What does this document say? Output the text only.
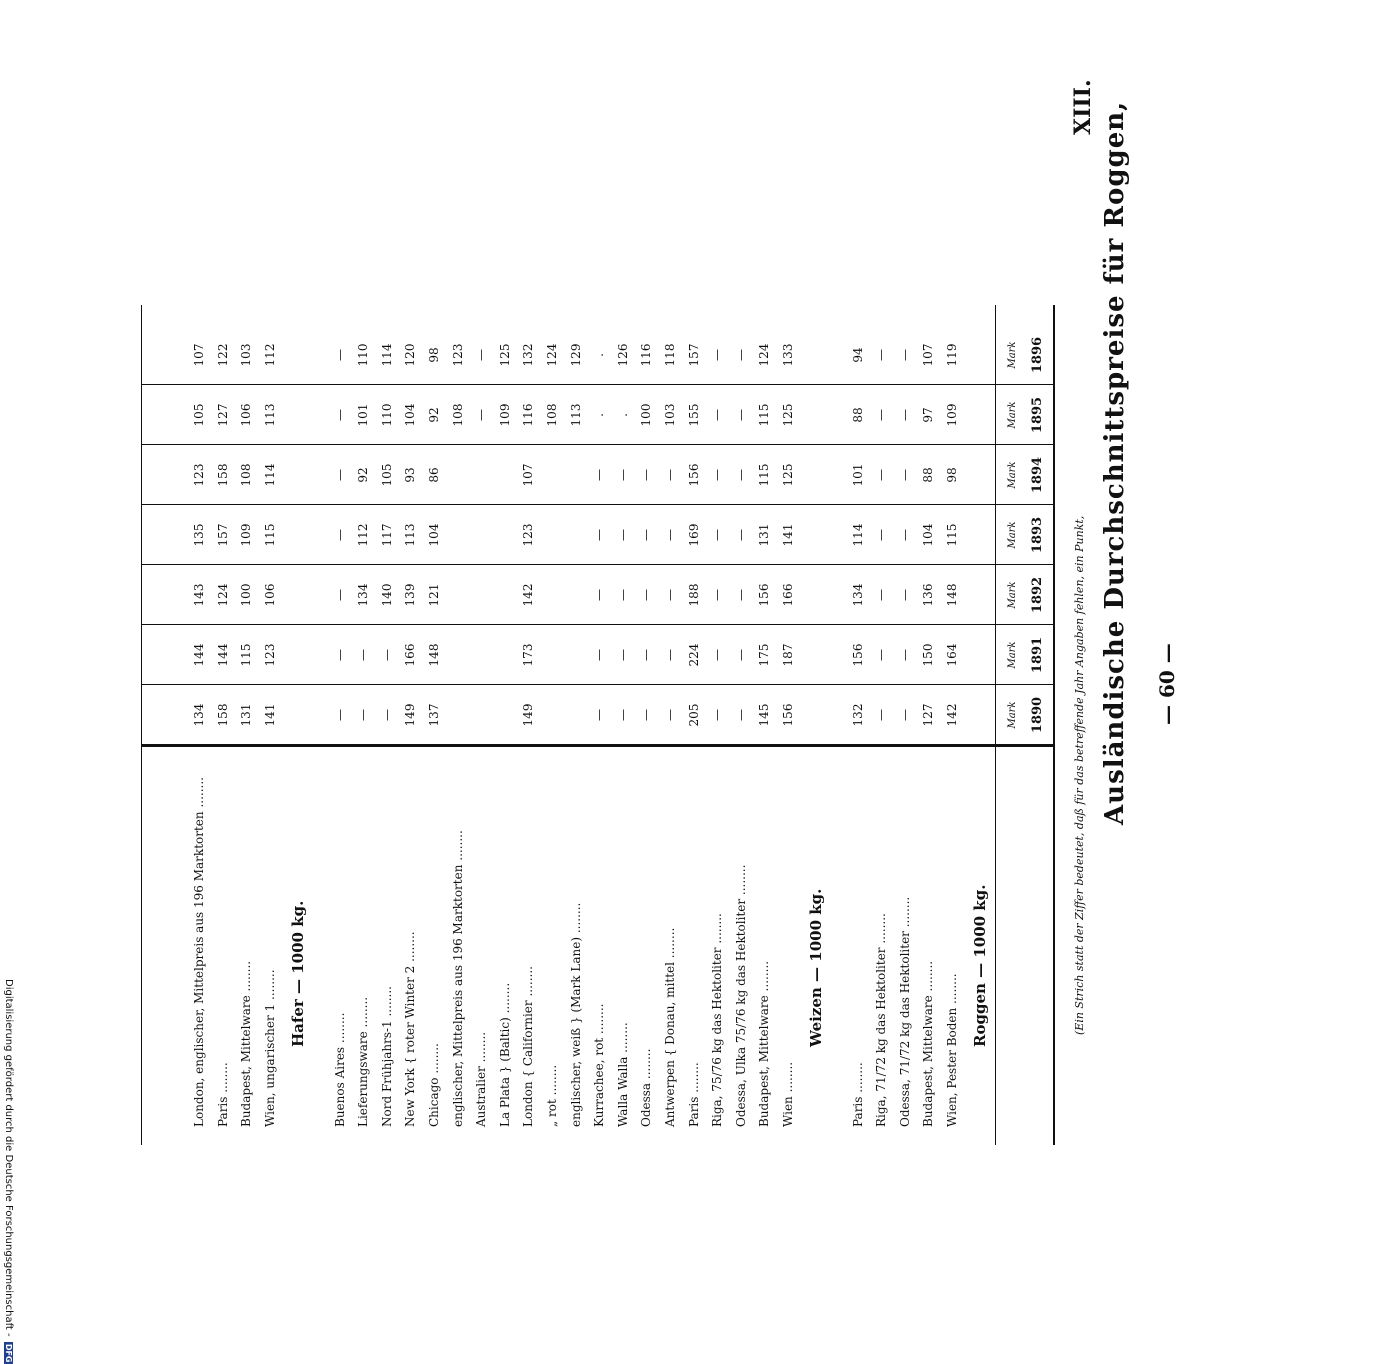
Digitalisierung gefördert durch die Deutsche Forschungsgemeinschaft - DFG
— 60 —
XIII. Ausländische Durchschnittspreise für Roggen,
(Ein Strich statt der Ziffer bedeutet, daß für das betreffende Jahr Angaben fehlen, ein Punkt,
1890
Mark
1891
Mark
1892
Mark
1893
Mark
1894
Mark
1895
Mark
1896
Mark
Roggen — 1000 kg.
Wien, Pester Boden ........
142
164
148
115
98
109
119
Budapest, Mittelware ........
127
150
136
104
88
97
107
Odessa, 71/72 kg das Hektoliter ........
—
—
—
—
—
—
—
Riga, 71/72 kg das Hektoliter ........
—
—
—
—
—
—
—
Paris ........
132
156
134
114
101
88
94
Weizen — 1000 kg.
Wien ........
156
187
166
141
125
125
133
Budapest, Mittelware ........
145
175
156
131
115
115
124
Odessa, Ulka 75/76 kg das Hektoliter ........
—
—
—
—
—
—
—
Riga, 75/76 kg das Hektoliter ........
—
—
—
—
—
—
—
Paris ........
205
224
188
169
156
155
157
Antwerpen { Donau, mittel ........
—
—
—
—
—
103
118
Odessa ........
—
—
—
—
—
100
116
Walla Walla ........
—
—
—
—
—
.
126
Kurrachee, rot ........
—
—
—
—
—
.
.
englischer, weiß } (Mark Lane) ........
113
129
„ rot ........
108
124
London { Californier ........
149
173
142
123
107
116
132
La Plata } (Baltic) ........
109
125
Australier ........
—
—
englischer, Mittelpreis aus 196 Marktorten ........
108
123
Chicago ........
137
148
121
104
86
92
98
New York { roter Winter 2 ........
149
166
139
113
93
104
120
Nord Frühjahrs-1 ........
—
—
140
117
105
110
114
Lieferungsware ........
—
—
134
112
92
101
110
Buenos Aires ........
—
—
—
—
—
—
—
Hafer — 1000 kg.
Wien, ungarischer 1 ........
141
123
106
115
114
113
112
Budapest, Mittelware ........
131
115
100
109
108
106
103
Paris ........
158
144
124
157
158
127
122
London, englischer, Mittelpreis aus 196 Marktorten ........
134
144
143
135
123
105
107
